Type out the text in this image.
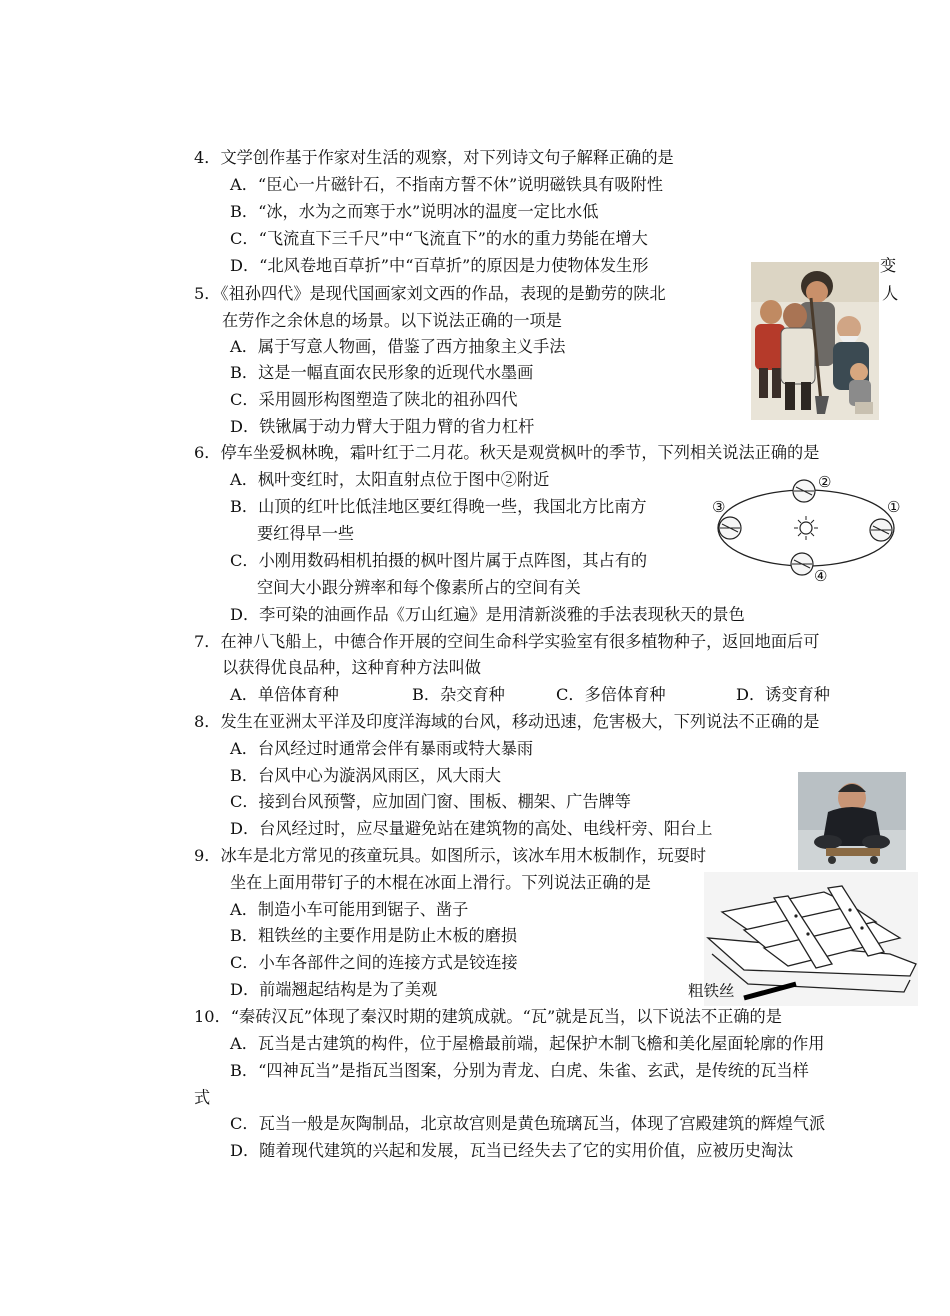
4．文学创作基于作家对生活的观察，对下列诗文句子解释正确的是
A．“臣心一片磁针石，不指南方誓不休”说明磁铁具有吸附性
B．“冰，水为之而寒于水”说明冰的温度一定比水低
C．“飞流直下三千尺”中“飞流直下”的水的重力势能在增大
D．“北风卷地百草折”中“百草折”的原因是力使物体发生形	变
5．《祖孙四代》是现代国画家刘文西的作品，表现的是勤劳的陕北	人
在劳作之余休息的场景。以下说法正确的一项是
A．属于写意人物画，借鉴了西方抽象主义手法
B．这是一幅直面农民形象的近现代水墨画
C．采用圆形构图塑造了陕北的祖孙四代
D．铁锹属于动力臂大于阻力臂的省力杠杆
6．停车坐爱枫林晚，霜叶红于二月花。秋天是观赏枫叶的季节，下列相关说法正确的是
A．枫叶变红时，太阳直射点位于图中②附近
B．山顶的红叶比低洼地区要红得晚一些，我国北方比南方
要红得早一些
C．小刚用数码相机拍摄的枫叶图片属于点阵图，其占有的
空间大小跟分辨率和每个像素所占的空间有关
D．李可染的油画作品《万山红遍》是用清新淡雅的手法表现秋天的景色
①
②
③
④
7．在神八飞船上，中德合作开展的空间生命科学实验室有很多植物种子，返回地面后可
以获得优良品种，这种育种方法叫做
A．单倍体育种	B．杂交育种	C．多倍体育种	D．诱变育种
8．发生在亚洲太平洋及印度洋海域的台风，移动迅速，危害极大，下列说法不正确的是
A．台风经过时通常会伴有暴雨或特大暴雨
B．台风中心为漩涡风雨区，风大雨大
C．接到台风预警，应加固门窗、围板、棚架、广告牌等
D．台风经过时，应尽量避免站在建筑物的高处、电线杆旁、阳台上
9．冰车是北方常见的孩童玩具。如图所示，该冰车用木板制作，玩耍时
坐在上面用带钉子的木棍在冰面上滑行。下列说法正确的是
A．制造小车可能用到锯子、凿子
B．粗铁丝的主要作用是防止木板的磨损
C．小车各部件之间的连接方式是铰连接
D．前端翘起结构是为了美观	粗铁丝
10．“秦砖汉瓦”体现了秦汉时期的建筑成就。“瓦”就是瓦当，以下说法不正确的是
A．瓦当是古建筑的构件，位于屋檐最前端，起保护木制飞檐和美化屋面轮廓的作用
B．“四神瓦当”是指瓦当图案，分别为青龙、白虎、朱雀、玄武，是传统的瓦当样
式
C．瓦当一般是灰陶制品，北京故宫则是黄色琉璃瓦当，体现了宫殿建筑的辉煌气派
D．随着现代建筑的兴起和发展，瓦当已经失去了它的实用价值，应被历史淘汰
